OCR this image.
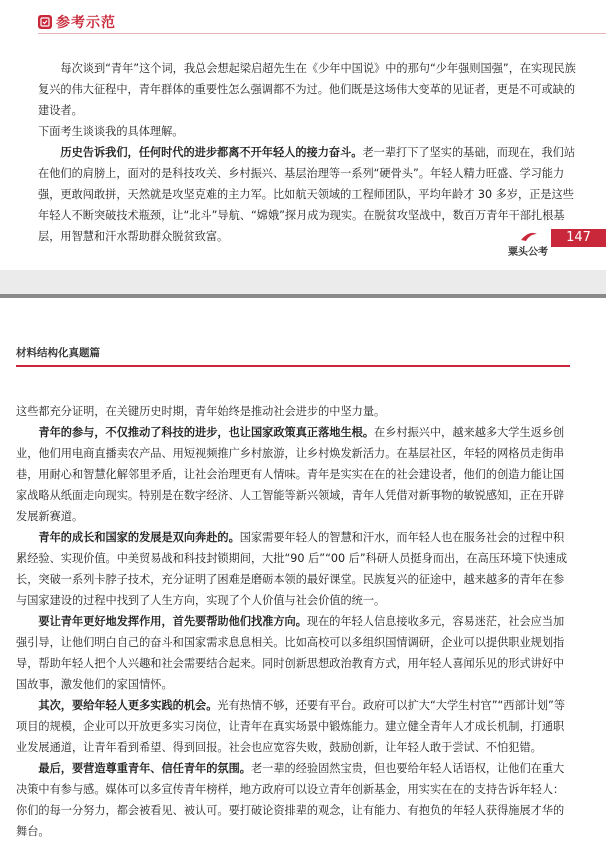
参考示范

每次谈到“青年”这个词，我总会想起梁启超先生在《少年中国说》中的那句“少年强则国强”，在实现民族复兴的伟大征程中，青年群体的重要性怎么强调都不为过。他们既是这场伟大变革的见证者，更是不可或缺的建设者。

下面考生谈谈我的具体理解。

历史告诉我们，任何时代的进步都离不开年轻人的接力奋斗。老一辈打下了坚实的基础，而现在，我们站在他们的肩膀上，面对的是科技攻关、乡村振兴、基层治理等一系列“硬骨头”。年轻人精力旺盛、学习能力强，更敢闯敢拼，天然就是攻坚克难的主力军。比如航天领域的工程师团队，平均年龄才 30 多岁，正是这些年轻人不断突破技术瓶颈，让“北斗”导航、“嫦娥”探月成为现实。在脱贫攻坚战中，数百万青年干部扎根基层，用智慧和汗水帮助群众脱贫致富。

粟头公考
147
材料结构化真题篇

这些都充分证明，在关键历史时期，青年始终是推动社会进步的中坚力量。

青年的参与，不仅推动了科技的进步，也让国家政策真正落地生根。在乡村振兴中，越来越多大学生返乡创业，他们用电商直播卖农产品、用短视频推广乡村旅游，让乡村焕发新活力。在基层社区，年轻的网格员走街串巷，用耐心和智慧化解邻里矛盾，让社会治理更有人情味。青年是实实在在的社会建设者，他们的创造力能让国家战略从纸面走向现实。特别是在数字经济、人工智能等新兴领域，青年人凭借对新事物的敏锐感知，正在开辟发展新赛道。

青年的成长和国家的发展是双向奔赴的。国家需要年轻人的智慧和汗水，而年轻人也在服务社会的过程中积累经验、实现价值。中美贸易战和科技封锁期间，大批“90 后”“00 后”科研人员挺身而出，在高压环境下快速成长，突破一系列卡脖子技术，充分证明了困难是磨砺本领的最好课堂。民族复兴的征途中，越来越多的青年在参与国家建设的过程中找到了人生方向，实现了个人价值与社会价值的统一。

要让青年更好地发挥作用，首先要帮助他们找准方向。现在的年轻人信息接收多元，容易迷茫，社会应当加强引导，让他们明白自己的奋斗和国家需求息息相关。比如高校可以多组织国情调研，企业可以提供职业规划指导，帮助年轻人把个人兴趣和社会需要结合起来。同时创新思想政治教育方式，用年轻人喜闻乐见的形式讲好中国故事，激发他们的家国情怀。

其次，要给年轻人更多实践的机会。光有热情不够，还要有平台。政府可以扩大“大学生村官”“西部计划”等项目的规模，企业可以开放更多实习岗位，让青年在真实场景中锻炼能力。建立健全青年人才成长机制，打通职业发展通道，让青年看到希望、得到回报。社会也应宽容失败，鼓励创新，让年轻人敢于尝试、不怕犯错。

最后，要营造尊重青年、信任青年的氛围。老一辈的经验固然宝贵，但也要给年轻人话语权，让他们在重大决策中有参与感。媒体可以多宣传青年榜样，地方政府可以设立青年创新基金，用实实在在的支持告诉年轻人：你们的每一分努力，都会被看见、被认可。要打破论资排辈的观念，让有能力、有抱负的年轻人获得施展才华的舞台。
